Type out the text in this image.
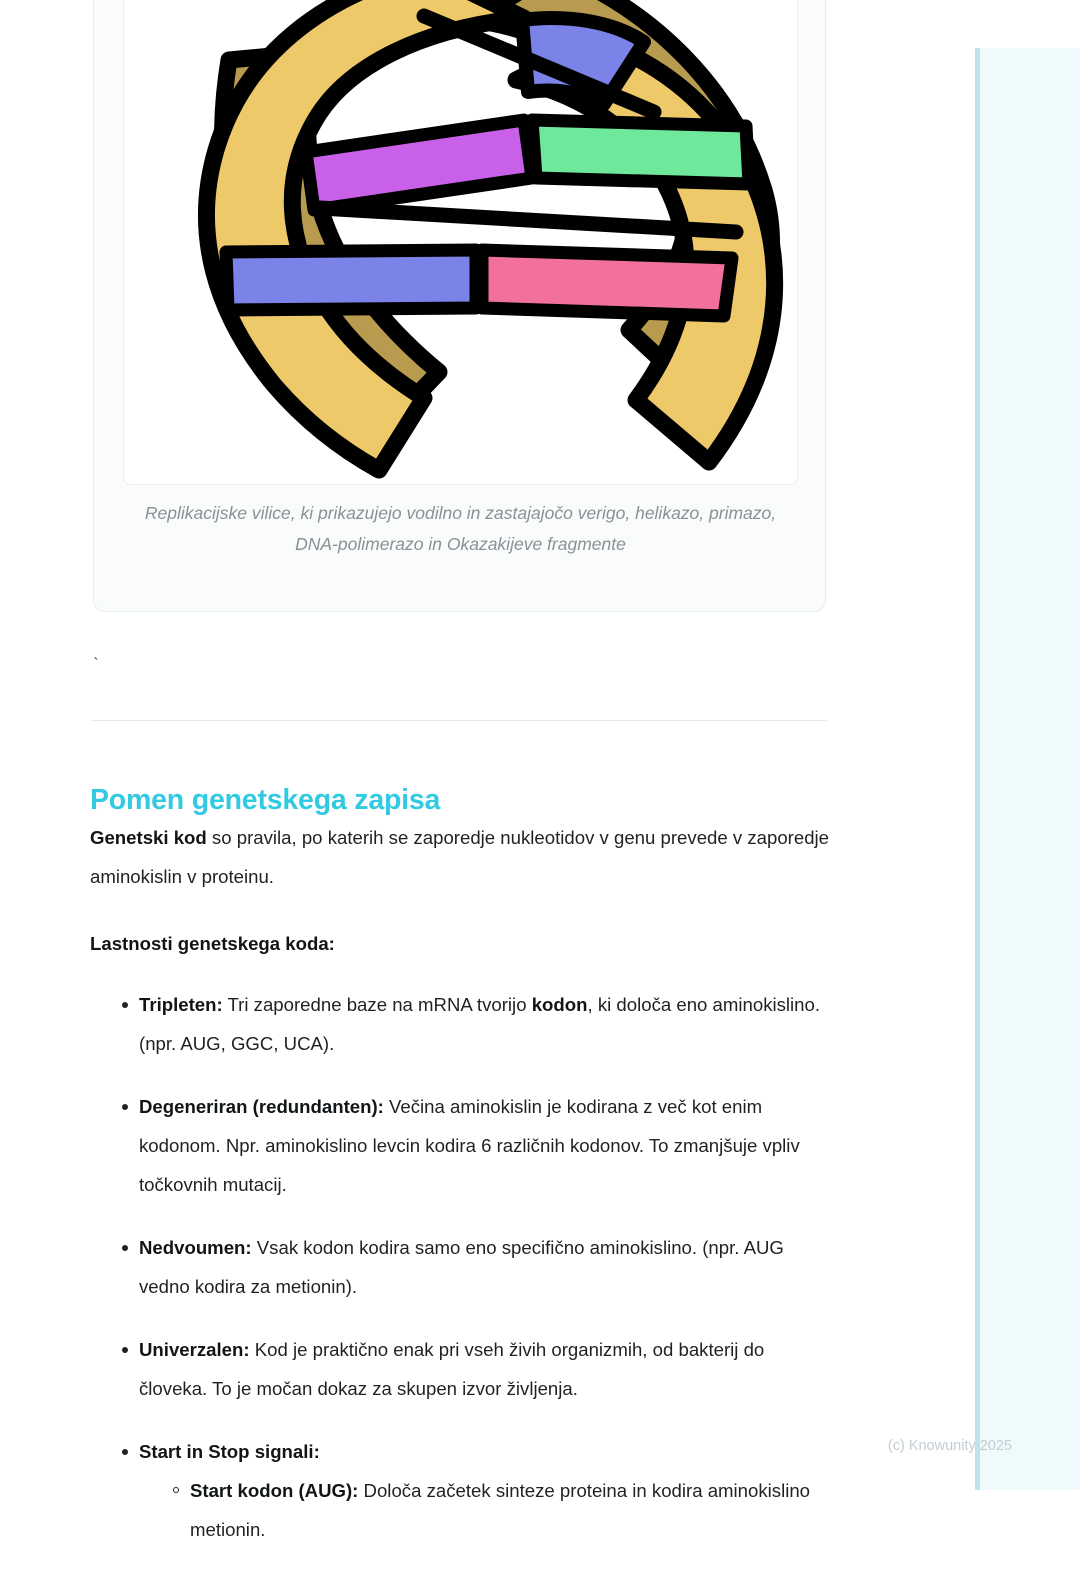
Replikacijske vilice, ki prikazujejo vodilno in zastajajočo verigo, helikazo, primazo, DNA-polimerazo in Okazakijeve fragmente
`
Pomen genetskega zapisa

Genetski kod so pravila, po katerih se zaporedje nukleotidov v genu prevede v zaporedje aminokislin v proteinu.

Lastnosti genetskega koda:

Tripleten: Tri zaporedne baze na mRNA tvorijo kodon, ki določa eno aminokislino. (npr. AUG, GGC, UCA).
Degeneriran (redundanten): Večina aminokislin je kodirana z več kot enim kodonom. Npr. aminokislino levcin kodira 6 različnih kodonov. To zmanjšuje vpliv točkovnih mutacij.
Nedvoumen: Vsak kodon kodira samo eno specifično aminokislino. (npr. AUG vedno kodira za metionin).
Univerzalen: Kod je praktično enak pri vseh živih organizmih, od bakterij do človeka. To je močan dokaz za skupen izvor življenja.
Start in Stop signali:
Start kodon (AUG): Določa začetek sinteze proteina in kodira aminokislino metionin.
(c) Knowunity 2025
